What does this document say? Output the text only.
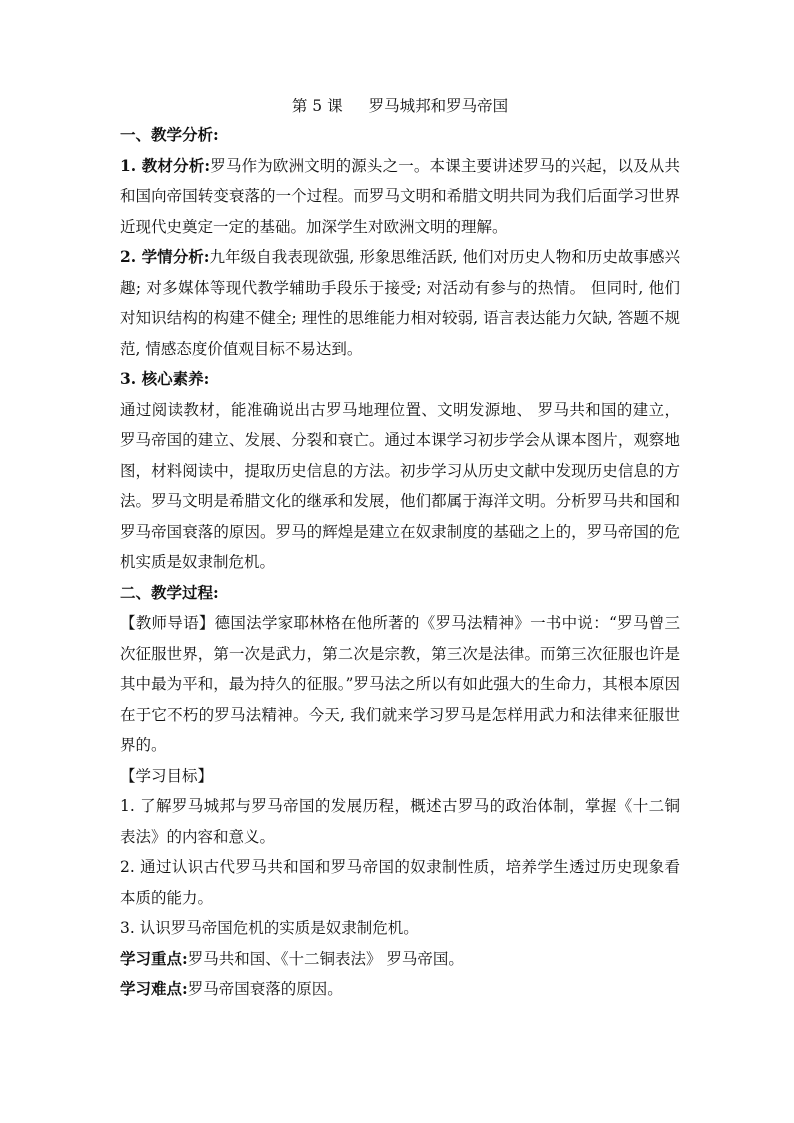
第 5 课 罗马城邦和罗马帝国

一、教学分析:

1. 教材分析:罗马作为欧洲文明的源头之一。本课主要讲述罗马的兴起，以及从共和国向帝国转变衰落的一个过程。而罗马文明和希腊文明共同为我们后面学习世界近现代史奠定一定的基础。加深学生对欧洲文明的理解。

2. 学情分析:九年级自我表现欲强, 形象思维活跃, 他们对历史人物和历史故事感兴趣; 对多媒体等现代教学辅助手段乐于接受; 对活动有参与的热情。 但同时, 他们对知识结构的构建不健全; 理性的思维能力相对较弱, 语言表达能力欠缺, 答题不规范, 情感态度价值观目标不易达到。

3. 核心素养:

通过阅读教材，能准确说出古罗马地理位置、文明发源地、 罗马共和国的建立，罗马帝国的建立、发展、分裂和衰亡。通过本课学习初步学会从课本图片，观察地图，材料阅读中，提取历史信息的方法。初步学习从历史文献中发现历史信息的方法。罗马文明是希腊文化的继承和发展，他们都属于海洋文明。分析罗马共和国和罗马帝国衰落的原因。罗马的辉煌是建立在奴隶制度的基础之上的，罗马帝国的危机实质是奴隶制危机。

二、教学过程:

【教师导语】德国法学家耶林格在他所著的《罗马法精神》一书中说：“罗马曾三次征服世界，第一次是武力，第二次是宗教，第三次是法律。而第三次征服也许是其中最为平和，最为持久的征服。”罗马法之所以有如此强大的生命力，其根本原因在于它不朽的罗马法精神。今天, 我们就来学习罗马是怎样用武力和法律来征服世界的。

【学习目标】

1. 了解罗马城邦与罗马帝国的发展历程，概述古罗马的政治体制，掌握《十二铜表法》的内容和意义。

2. 通过认识古代罗马共和国和罗马帝国的奴隶制性质，培养学生透过历史现象看本质的能力。

3. 认识罗马帝国危机的实质是奴隶制危机。

学习重点:罗马共和国、《十二铜表法》 罗马帝国。

学习难点:罗马帝国衰落的原因。
